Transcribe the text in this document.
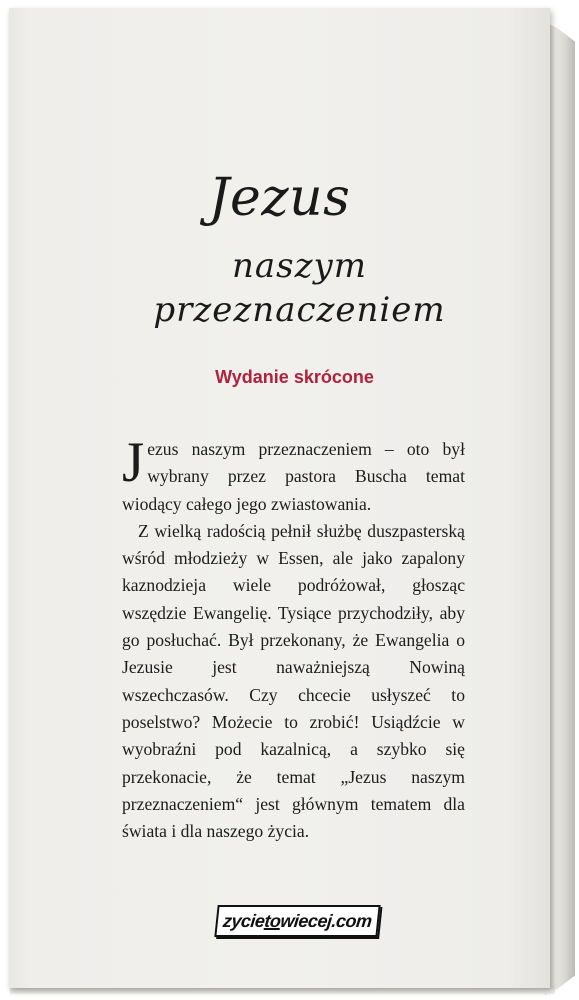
Jezus
naszym
przeznaczeniem
Wydanie skrócone

Jezus naszym przeznaczeniem – oto był wybrany przez pastora Buscha temat wiodący całego jego zwiastowania.

Z wielką radością pełnił służbę duszpasterską wśród młodzieży w Essen, ale jako zapalony kaznodzieja wiele podróżował, głosząc wszędzie Ewangelię. Tysiące przychodziły, aby go posłuchać. Był przekonany, że Ewangelia o Jezusie jest naważniejszą Nowiną wszechczasów. Czy chcecie usłyszeć to poselstwo? Możecie to zrobić! Usiądźcie w wyobraźni pod kazalnicą, a szybko się przekonacie, że temat „Jezus naszym przeznaczeniem“ jest głównym tematem dla świata i dla naszego życia.

zycietowiecej.com
